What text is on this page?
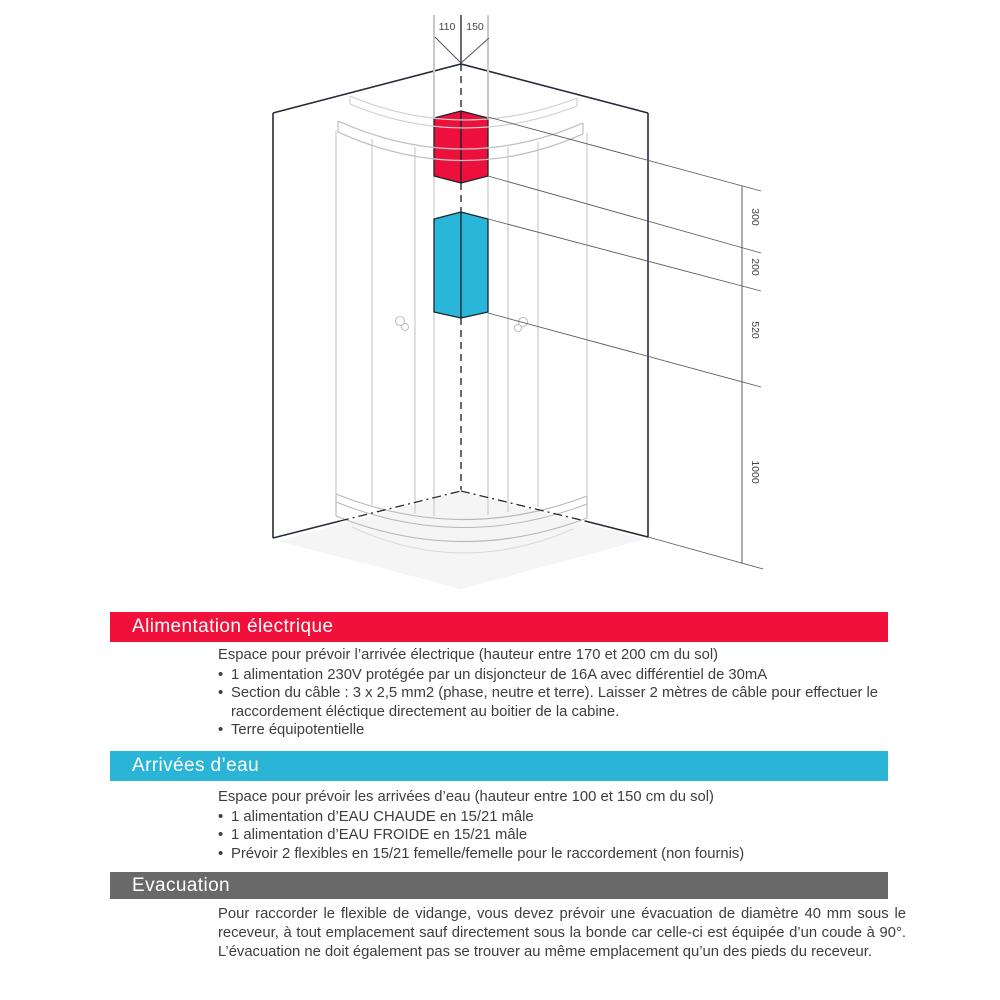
110 150
300
200
520
1000
Alimentation électrique

Espace pour prévoir l’arrivée électrique (hauteur entre 170 et 200 cm du sol)

• 1 alimentation 230V protégée par un disjoncteur de 16A avec différentiel de 30mA
• Section du câble : 3 x 2,5 mm2 (phase, neutre et terre). Laisser 2 mètres de câble pour effectuer le raccordement éléctique directement au boitier de la cabine.
• Terre équipotentielle
Arrivées d’eau

Espace pour prévoir les arrivées d’eau (hauteur entre 100 et 150 cm du sol)

• 1 alimentation d’EAU CHAUDE en 15/21 mâle
• 1 alimentation d’EAU FROIDE en 15/21 mâle
• Prévoir 2 flexibles en 15/21 femelle/femelle pour le raccordement (non fournis)
Evacuation
Pour raccorder le flexible de vidange, vous devez prévoir une évacuation de diamètre 40 mm sous le receveur, à tout emplacement sauf directement sous la bonde car celle-ci est équipée d’un coude à 90°. L’évacuation ne doit également pas se trouver au même emplacement qu’un des pieds du receveur.
